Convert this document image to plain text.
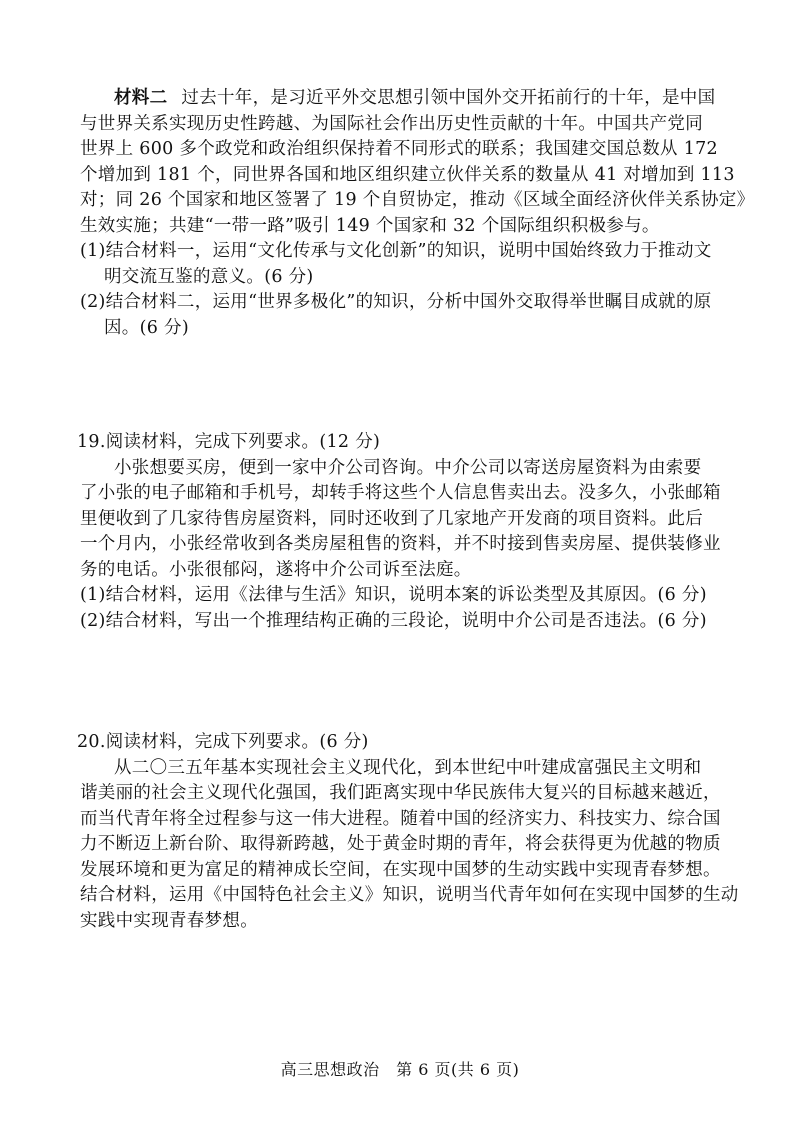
材料二 过去十年，是习近平外交思想引领中国外交开拓前行的十年，是中国
与世界关系实现历史性跨越、为国际社会作出历史性贡献的十年。中国共产党同
世界上 600 多个政党和政治组织保持着不同形式的联系；我国建交国总数从 172
个增加到 181 个，同世界各国和地区组织建立伙伴关系的数量从 41 对增加到 113
对；同 26 个国家和地区签署了 19 个自贸协定，推动《区域全面经济伙伴关系协定》
生效实施；共建“一带一路”吸引 149 个国家和 32 个国际组织积极参与。
(1)结合材料一，运用“文化传承与文化创新”的知识，说明中国始终致力于推动文
明交流互鉴的意义。(6 分)
(2)结合材料二，运用“世界多极化”的知识，分析中国外交取得举世瞩目成就的原
因。(6 分)
19.阅读材料，完成下列要求。(12 分)
小张想要买房，便到一家中介公司咨询。中介公司以寄送房屋资料为由索要
了小张的电子邮箱和手机号，却转手将这些个人信息售卖出去。没多久，小张邮箱
里便收到了几家待售房屋资料，同时还收到了几家地产开发商的项目资料。此后
一个月内，小张经常收到各类房屋租售的资料，并不时接到售卖房屋、提供装修业
务的电话。小张很郁闷，遂将中介公司诉至法庭。
(1)结合材料，运用《法律与生活》知识，说明本案的诉讼类型及其原因。(6 分)
(2)结合材料，写出一个推理结构正确的三段论，说明中介公司是否违法。(6 分)
20.阅读材料，完成下列要求。(6 分)
从二〇三五年基本实现社会主义现代化，到本世纪中叶建成富强民主文明和
谐美丽的社会主义现代化强国，我们距离实现中华民族伟大复兴的目标越来越近，
而当代青年将全过程参与这一伟大进程。随着中国的经济实力、科技实力、综合国
力不断迈上新台阶、取得新跨越，处于黄金时期的青年，将会获得更为优越的物质
发展环境和更为富足的精神成长空间，在实现中国梦的生动实践中实现青春梦想。
结合材料，运用《中国特色社会主义》知识，说明当代青年如何在实现中国梦的生动
实践中实现青春梦想。
高三思想政治　第 6 页(共 6 页)
